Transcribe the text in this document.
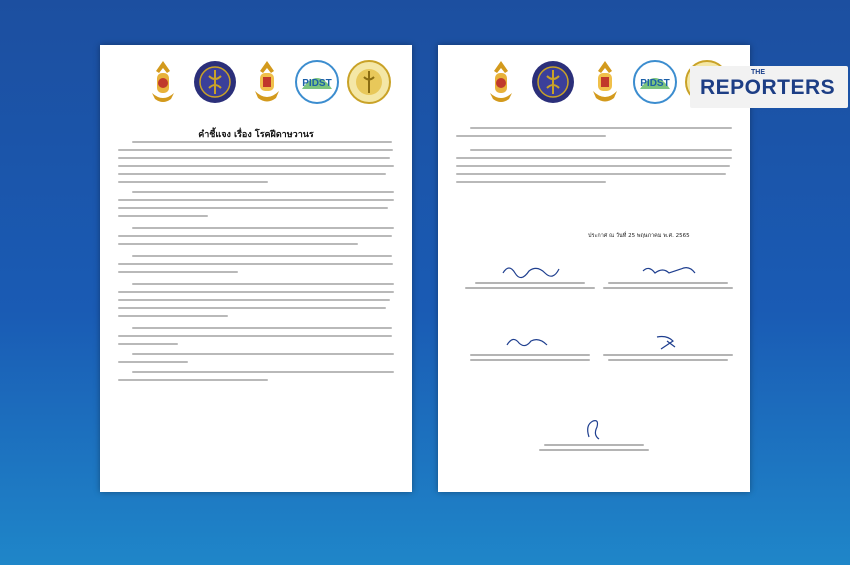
PIDST
คำชี้แจง เรื่อง โรคฝีดาษวานร
PIDST
ประกาศ ณ วันที่ 25 พฤษภาคม พ.ศ. 2565
THE
REPORTERS
